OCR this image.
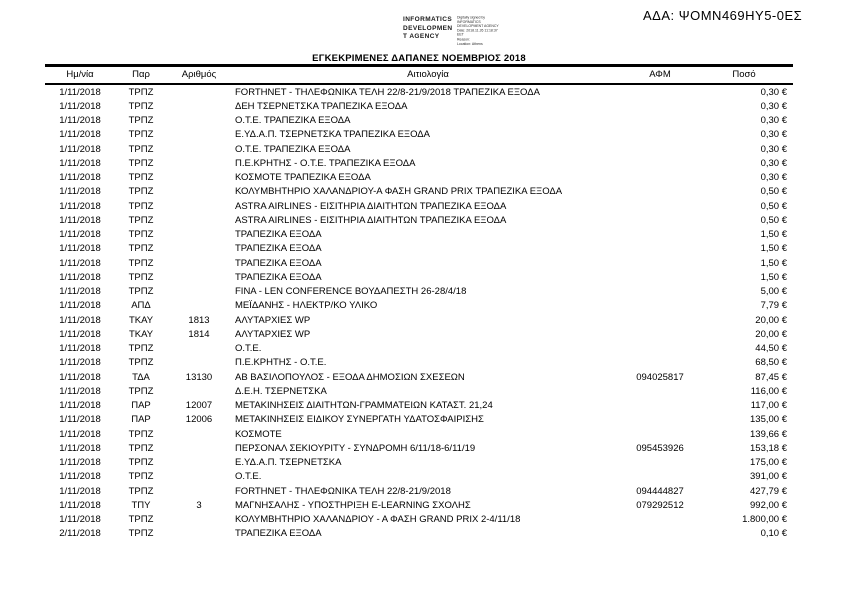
ΑΔΑ: ΨΟΜΝ469ΗΥ5-0ΕΣ
INFORMATICS
DEVELOPMEN
T AGENCY
Digitally signed by
INFORMATICS
DEVELOPMENT AGENCY
Date: 2018.11.26 11:18:37
EET
Reason:
Location: Athens
ΕΓΚΕΚΡΙΜΕΝΕΣ ΔΑΠΑΝΕΣ ΝΟΕΜΒΡΙΟΣ 2018
Ημ/νία	Παρ	Αριθμός	Αιτιολογία	ΑΦΜ	Ποσό
1/11/2018	ΤΡΠΖ	FORTHNET - ΤΗΛΕΦΩΝΙΚΑ ΤΕΛΗ 22/8-21/9/2018 ΤΡΑΠΕΖΙΚΑ ΕΞΟΔΑ	0,30 €
1/11/2018	ΤΡΠΖ	ΔΕΗ ΤΣΕΡΝΕΤΣΚΑ ΤΡΑΠΕΖΙΚΑ ΕΞΟΔΑ	0,30 €
1/11/2018	ΤΡΠΖ	Ο.Τ.Ε. ΤΡΑΠΕΖΙΚΑ ΕΞΟΔΑ	0,30 €
1/11/2018	ΤΡΠΖ	Ε.ΥΔ.Α.Π. ΤΣΕΡΝΕΤΣΚΑ ΤΡΑΠΕΖΙΚΑ ΕΞΟΔΑ	0,30 €
1/11/2018	ΤΡΠΖ	Ο.Τ.Ε. ΤΡΑΠΕΖΙΚΑ ΕΞΟΔΑ	0,30 €
1/11/2018	ΤΡΠΖ	Π.Ε.ΚΡΗΤΗΣ - Ο.Τ.Ε. ΤΡΑΠΕΖΙΚΑ ΕΞΟΔΑ	0,30 €
1/11/2018	ΤΡΠΖ	ΚΟΣΜΟΤΕ ΤΡΑΠΕΖΙΚΑ ΕΞΟΔΑ	0,30 €
1/11/2018	ΤΡΠΖ	ΚΟΛΥΜΒΗΤΗΡΙΟ ΧΑΛΑΝΔΡΙΟΥ-Α ΦΑΣΗ GRAND PRIX ΤΡΑΠΕΖΙΚΑ ΕΞΟΔΑ	0,50 €
1/11/2018	ΤΡΠΖ	ASTRA AIRLINES - ΕΙΣΙΤΗΡΙΑ ΔΙΑΙΤΗΤΩΝ ΤΡΑΠΕΖΙΚΑ ΕΞΟΔΑ	0,50 €
1/11/2018	ΤΡΠΖ	ASTRA AIRLINES - ΕΙΣΙΤΗΡΙΑ ΔΙΑΙΤΗΤΩΝ ΤΡΑΠΕΖΙΚΑ ΕΞΟΔΑ	0,50 €
1/11/2018	ΤΡΠΖ	ΤΡΑΠΕΖΙΚΑ ΕΞΟΔΑ	1,50 €
1/11/2018	ΤΡΠΖ	ΤΡΑΠΕΖΙΚΑ ΕΞΟΔΑ	1,50 €
1/11/2018	ΤΡΠΖ	ΤΡΑΠΕΖΙΚΑ ΕΞΟΔΑ	1,50 €
1/11/2018	ΤΡΠΖ	ΤΡΑΠΕΖΙΚΑ ΕΞΟΔΑ	1,50 €
1/11/2018	ΤΡΠΖ	FINA - LEN CONFERENCE ΒΟΥΔΑΠΕΣΤΗ 26-28/4/18	5,00 €
1/11/2018	ΑΠΔ	ΜΕΪΔΑΝΗΣ - ΗΛΕΚΤΡ/ΚΟ ΥΛΙΚΟ	7,79 €
1/11/2018	ΤΚΑΥ	1813	ΑΛΥΤΑΡΧΙΕΣ WP	20,00 €
1/11/2018	ΤΚΑΥ	1814	ΑΛΥΤΑΡΧΙΕΣ WP	20,00 €
1/11/2018	ΤΡΠΖ	Ο.Τ.Ε.	44,50 €
1/11/2018	ΤΡΠΖ	Π.Ε.ΚΡΗΤΗΣ - Ο.Τ.Ε.	68,50 €
1/11/2018	ΤΔΑ	13130	ΑΒ ΒΑΣΙΛΟΠΟΥΛΟΣ - ΕΞΟΔΑ ΔΗΜΟΣΙΩΝ ΣΧΕΣΕΩΝ	094025817	87,45 €
1/11/2018	ΤΡΠΖ	Δ.Ε.Η. ΤΣΕΡΝΕΤΣΚΑ	116,00 €
1/11/2018	ΠΑΡ	12007	ΜΕΤΑΚΙΝΗΣΕΙΣ ΔΙΑΙΤΗΤΩΝ-ΓΡΑΜΜΑΤΕΙΩΝ ΚΑΤΑΣΤ. 21,24	117,00 €
1/11/2018	ΠΑΡ	12006	ΜΕΤΑΚΙΝΗΣΕΙΣ ΕΙΔΙΚΟΥ ΣΥΝΕΡΓΑΤΗ ΥΔΑΤΟΣΦΑΙΡΙΣΗΣ	135,00 €
1/11/2018	ΤΡΠΖ	ΚΟΣΜΟΤΕ	139,66 €
1/11/2018	ΤΡΠΖ	ΠΕΡΣΟΝΑΛ ΣΕΚΙΟΥΡΙΤΥ - ΣΥΝΔΡΟΜΗ 6/11/18-6/11/19	095453926	153,18 €
1/11/2018	ΤΡΠΖ	Ε.ΥΔ.Α.Π. ΤΣΕΡΝΕΤΣΚΑ	175,00 €
1/11/2018	ΤΡΠΖ	Ο.Τ.Ε.	391,00 €
1/11/2018	ΤΡΠΖ	FORTHNET - ΤΗΛΕΦΩΝΙΚΑ ΤΕΛΗ 22/8-21/9/2018	094444827	427,79 €
1/11/2018	ΤΠΥ	3	ΜΑΓΝΗΣΑΛΗΣ - ΥΠΟΣΤΗΡΙΞΗ E-LEARNING ΣΧΟΛΗΣ	079292512	992,00 €
1/11/2018	ΤΡΠΖ	ΚΟΛΥΜΒΗΤΗΡΙΟ ΧΑΛΑΝΔΡΙΟΥ - Α ΦΑΣΗ GRAND PRIX 2-4/11/18	1.800,00 €
2/11/2018	ΤΡΠΖ	ΤΡΑΠΕΖΙΚΑ ΕΞΟΔΑ	0,10 €
